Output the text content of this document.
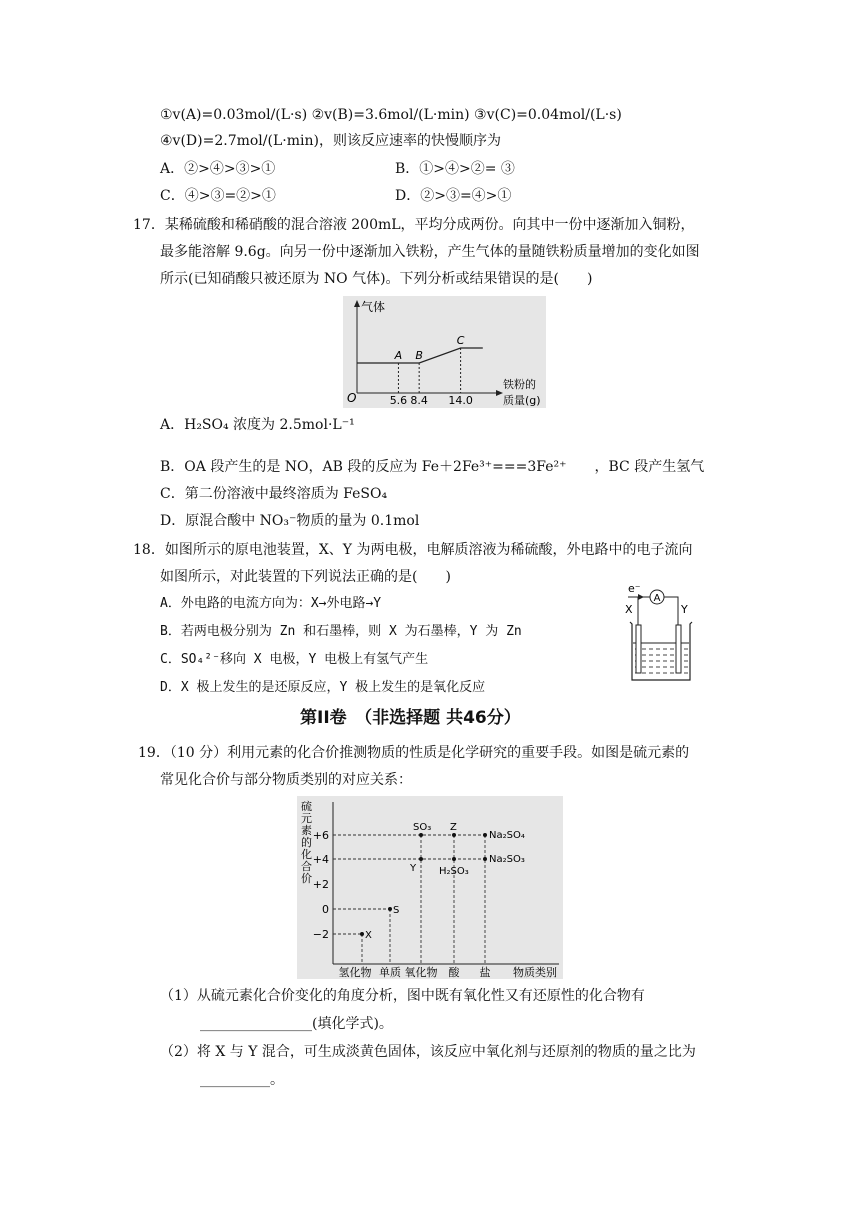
①v(A)=0.03mol/(L·s) ②v(B)=3.6mol/(L·min) ③v(C)=0.04mol/(L·s)
④v(D)=2.7mol/(L·min)，则该反应速率的快慢顺序为
A．②>④>③>①	B．①>④>②= ③
C．④>③=②>①	D．②>③=④>①
17．某稀硫酸和稀硝酸的混合溶液 200mL，平均分成两份。向其中一份中逐渐加入铜粉，
最多能溶解 9.6g。向另一份中逐渐加入铁粉，产生气体的量随铁粉质量增加的变化如图
所示(已知硝酸只被还原为 NO 气体)。下列分析或结果错误的是(　　)
气体
O	5.6 8.4 14.0
A B
C
铁粉的
质量(g)
A．H₂SO₄ 浓度为 2.5mol·L⁻¹
B．OA 段产生的是 NO，AB 段的反应为 Fe＋2Fe³⁺===3Fe²⁺　　，BC 段产生氢气
C．第二份溶液中最终溶质为 FeSO₄
D．原混合酸中 NO₃⁻物质的量为 0.1mol
18．如图所示的原电池装置，X、Y 为两电极，电解质溶液为稀硫酸，外电路中的电子流向
如图所示，对此装置的下列说法正确的是(　　)
A．外电路的电流方向为：X→外电路→Y
B．若两电极分别为 Zn 和石墨棒，则 X 为石墨棒，Y 为 Zn
C．SO₄²⁻移向 X 电极，Y 电极上有氢气产生
D．X 极上发生的是还原反应，Y 极上发生的是氧化反应
e⁻
A
X	Y
第II卷　（非选择题 共46分）
19．（10 分）利用元素的化合价推测物质的性质是化学研究的重要手段。如图是硫元素的
常见化合价与部分物质类别的对应关系：
硫
元
素
的
化
合
价
+6
+4
+2
0
−2
SO₃ Z
Na₂SO₄
Na₂SO₃
Y H₂SO₃
S
X
氢化物 单质 氧化物 酸 盐 物质类别
（1）从硫元素化合价变化的角度分析，图中既有氧化性又有还原性的化合物有
________________(填化学式)。
（2）将 X 与 Y 混合，可生成淡黄色固体，该反应中氧化剂与还原剂的物质的量之比为
__________。
